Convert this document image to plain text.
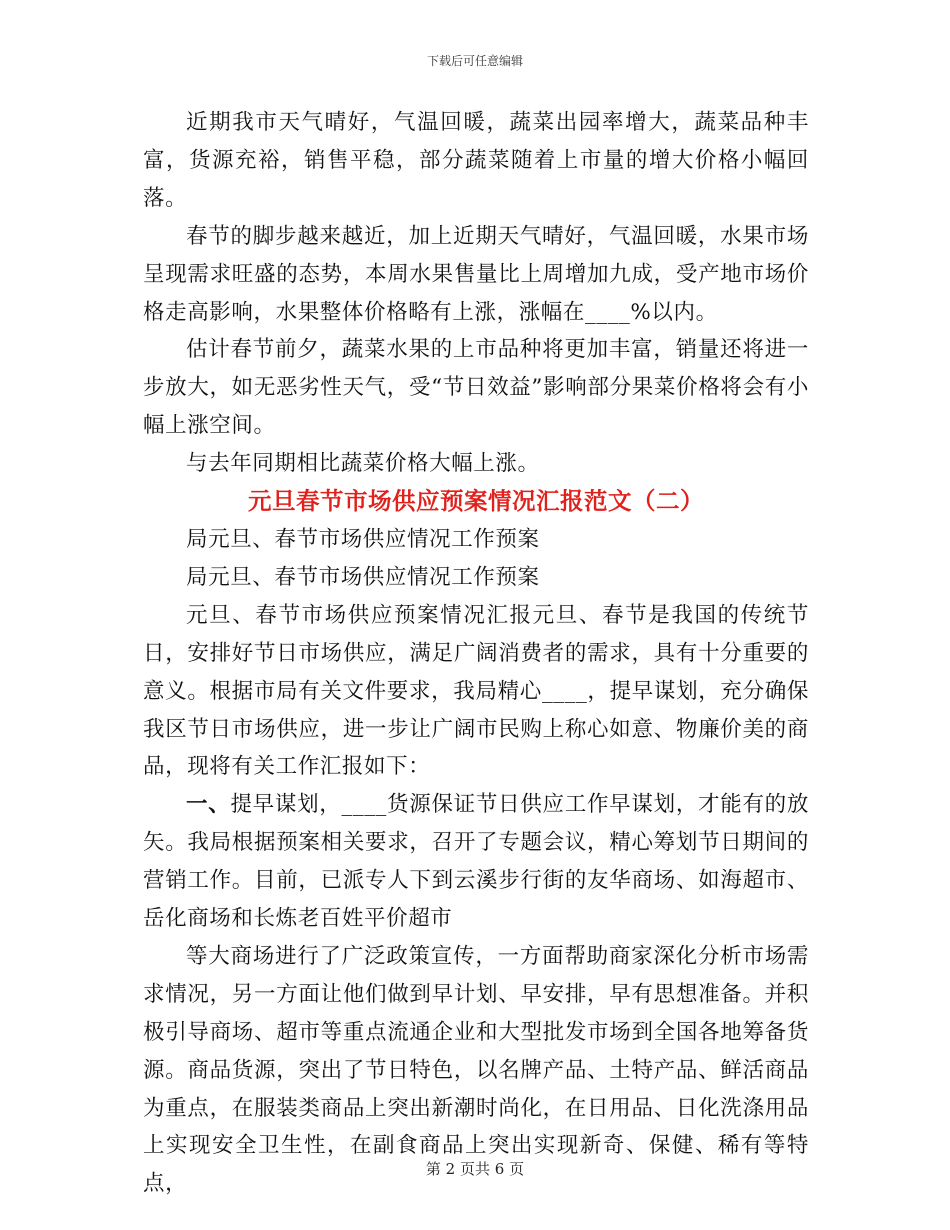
下载后可任意编辑

近期我市天气晴好，气温回暖，蔬菜出园率增大，蔬菜品种丰富，货源充裕，销售平稳，部分蔬菜随着上市量的增大价格小幅回落。

春节的脚步越来越近，加上近期天气晴好，气温回暖，水果市场呈现需求旺盛的态势，本周水果售量比上周增加九成，受产地市场价格走高影响，水果整体价格略有上涨，涨幅在____%以内。

估计春节前夕，蔬菜水果的上市品种将更加丰富，销量还将进一步放大，如无恶劣性天气，受“节日效益”影响部分果菜价格将会有小幅上涨空间。

与去年同期相比蔬菜价格大幅上涨。

元旦春节市场供应预案情况汇报范文（二）

局元旦、春节市场供应情况工作预案

局元旦、春节市场供应情况工作预案

元旦、春节市场供应预案情况汇报元旦、春节是我国的传统节日，安排好节日市场供应，满足广阔消费者的需求，具有十分重要的意义。根据市局有关文件要求，我局精心____，提早谋划，充分确保我区节日市场供应，进一步让广阔市民购上称心如意、物廉价美的商品，现将有关工作汇报如下：

一、提早谋划，____货源保证节日供应工作早谋划，才能有的放矢。我局根据预案相关要求，召开了专题会议，精心筹划节日期间的营销工作。目前，已派专人下到云溪步行街的友华商场、如海超市、岳化商场和长炼老百姓平价超市

等大商场进行了广泛政策宣传，一方面帮助商家深化分析市场需求情况，另一方面让他们做到早计划、早安排，早有思想准备。并积极引导商场、超市等重点流通企业和大型批发市场到全国各地筹备货源。商品货源，突出了节日特色，以名牌产品、土特产品、鲜活商品为重点，在服装类商品上突出新潮时尚化，在日用品、日化洗涤用品上实现安全卫生性，在副食商品上突出实现新奇、保健、稀有等特点，

第 2 页共 6 页
